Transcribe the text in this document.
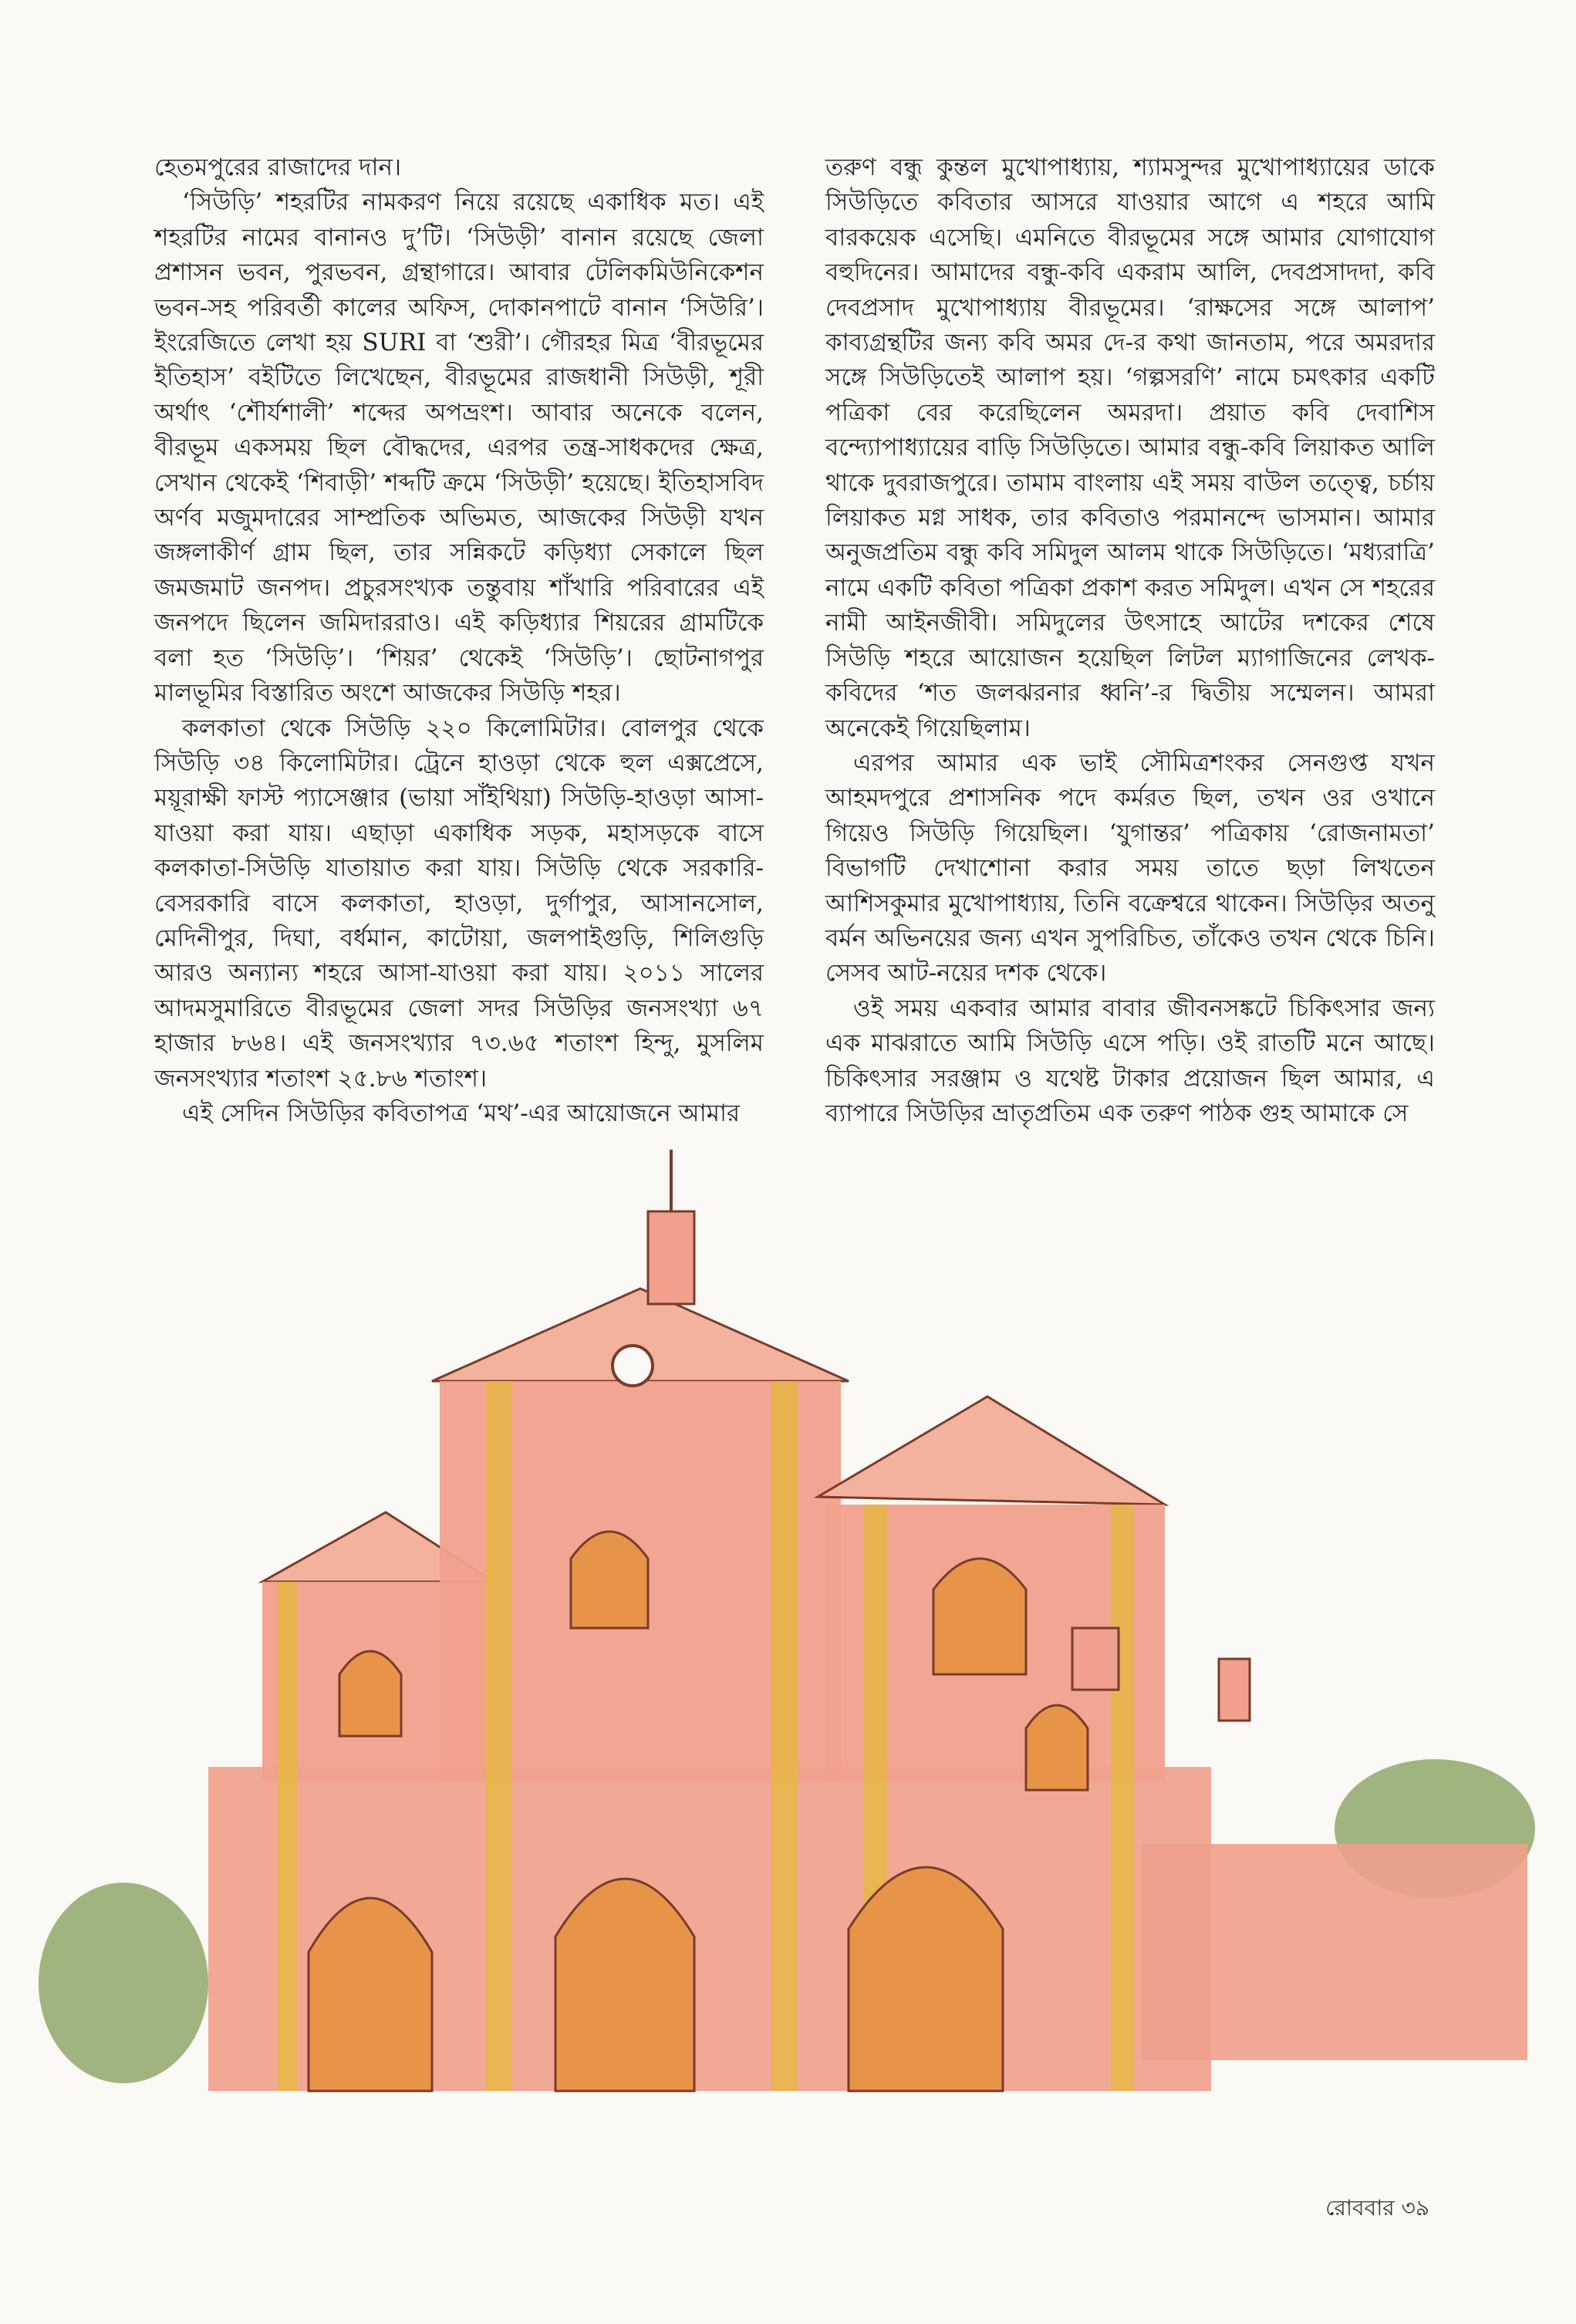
হেতমপুরের রাজাদের দান।

‘সিউড়ি’ শহরটির নামকরণ নিয়ে রয়েছে একাধিক মত। এই শহরটির নামের বানানও দু’টি। ‘সিউড়ী’ বানান রয়েছে জেলা প্রশাসন ভবন, পুরভবন, গ্রন্থাগারে। আবার টেলিকমিউনিকেশন ভবন-সহ পরিবর্তী কালের অফিস, দোকানপাটে বানান ‘সিউরি’। ইংরেজিতে লেখা হয় SURI বা ‘শুরী’। গৌরহর মিত্র ‘বীরভূমের ইতিহাস’ বইটিতে লিখেছেন, বীরভূমের রাজধানী সিউড়ী, শূরী অর্থাৎ ‘শৌর্যশালী’ শব্দের অপভ্রংশ। আবার অনেকে বলেন, বীরভূম একসময় ছিল বৌদ্ধদের, এরপর তন্ত্র-সাধকদের ক্ষেত্র, সেখান থেকেই ‘শিবাড়ী’ শব্দটি ক্রমে ‘সিউড়ী’ হয়েছে। ইতিহাসবিদ অর্ণব মজুমদারের সাম্প্রতিক অভিমত, আজকের সিউড়ী যখন জঙ্গলাকীর্ণ গ্রাম ছিল, তার সন্নিকটে কড়িধ্যা সেকালে ছিল জমজমাট জনপদ। প্রচুরসংখ্যক তন্তুবায় শাঁখারি পরিবারের এই জনপদে ছিলেন জমিদাররাও। এই কড়িধ্যার শিয়রের গ্রামটিকে বলা হত ‘সিউড়ি’। ‘শিয়র’ থেকেই ‘সিউড়ি’। ছোটনাগপুর মালভূমির বিস্তারিত অংশে আজকের সিউড়ি শহর।

কলকাতা থেকে সিউড়ি ২২০ কিলোমিটার। বোলপুর থেকে সিউড়ি ৩৪ কিলোমিটার। ট্রেনে হাওড়া থেকে হুল এক্সপ্রেসে, ময়ূরাক্ষী ফাস্ট প্যাসেঞ্জার (ভায়া সাঁইথিয়া) সিউড়ি-হাওড়া আসা-যাওয়া করা যায়। এছাড়া একাধিক সড়ক, মহাসড়কে বাসে কলকাতা-সিউড়ি যাতায়াত করা যায়। সিউড়ি থেকে সরকারি-বেসরকারি বাসে কলকাতা, হাওড়া, দুর্গাপুর, আসানসোল, মেদিনীপুর, দিঘা, বর্ধমান, কাটোয়া, জলপাইগুড়ি, শিলিগুড়ি আরও অন্যান্য শহরে আসা-যাওয়া করা যায়। ২০১১ সালের আদমসুমারিতে বীরভূমের জেলা সদর সিউড়ির জনসংখ্যা ৬৭ হাজার ৮৬৪। এই জনসংখ্যার ৭৩.৬৫ শতাংশ হিন্দু, মুসলিম জনসংখ্যার শতাংশ ২৫.৮৬ শতাংশ।

এই সেদিন সিউড়ির কবিতাপত্র ‘মথ’-এর আয়োজনে আমার

তরুণ বন্ধু কুন্তল মুখোপাধ্যায়, শ্যামসুন্দর মুখোপাধ্যায়ের ডাকে সিউড়িতে কবিতার আসরে যাওয়ার আগে এ শহরে আমি বারকয়েক এসেছি। এমনিতে বীরভূমের সঙ্গে আমার যোগাযোগ বহুদিনের। আমাদের বন্ধু-কবি একরাম আলি, দেবপ্রসাদদা, কবি দেবপ্রসাদ মুখোপাধ্যায় বীরভূমের। ‘রাক্ষসের সঙ্গে আলাপ’ কাব্যগ্রন্থটির জন্য কবি অমর দে-র কথা জানতাম, পরে অমরদার সঙ্গে সিউড়িতেই আলাপ হয়। ‘গল্পসরণি’ নামে চমৎকার একটি পত্রিকা বের করেছিলেন অমরদা। প্রয়াত কবি দেবাশিস বন্দ্যোপাধ্যায়ের বাড়ি সিউড়িতে। আমার বন্ধু-কবি লিয়াকত আলি থাকে দুবরাজপুরে। তামাম বাংলায় এই সময় বাউল তত্ত্বে, চর্চায় লিয়াকত মগ্ন সাধক, তার কবিতাও পরমানন্দে ভাসমান। আমার অনুজপ্রতিম বন্ধু কবি সমিদুল আলম থাকে সিউড়িতে। ‘মধ্যরাত্রি’ নামে একটি কবিতা পত্রিকা প্রকাশ করত সমিদুল। এখন সে শহরের নামী আইনজীবী। সমিদুলের উৎসাহে আটের দশকের শেষে সিউড়ি শহরে আয়োজন হয়েছিল লিটল ম্যাগাজিনের লেখক-কবিদের ‘শত জলঝরনার ধ্বনি’-র দ্বিতীয় সম্মেলন। আমরা অনেকেই গিয়েছিলাম।

এরপর আমার এক ভাই সৌমিত্রশংকর সেনগুপ্ত যখন আহমদপুরে প্রশাসনিক পদে কর্মরত ছিল, তখন ওর ওখানে গিয়েও সিউড়ি গিয়েছিল। ‘যুগান্তর’ পত্রিকায় ‘রোজনামতা’ বিভাগটি দেখাশোনা করার সময় তাতে ছড়া লিখতেন আশিসকুমার মুখোপাধ্যায়, তিনি বক্রেশ্বরে থাকেন। সিউড়ির অতনু বর্মন অভিনয়ের জন্য এখন সুপরিচিত, তাঁকেও তখন থেকে চিনি। সেসব আট-নয়ের দশক থেকে।

ওই সময় একবার আমার বাবার জীবনসঙ্কটে চিকিৎসার জন্য এক মাঝরাতে আমি সিউড়ি এসে পড়ি। ওই রাতটি মনে আছে। চিকিৎসার সরঞ্জাম ও যথেষ্ট টাকার প্রয়োজন ছিল আমার, এ ব্যাপারে সিউড়ির ভ্রাতৃপ্রতিম এক তরুণ পাঠক গুহ আমাকে সে

রোববার ৩৯
